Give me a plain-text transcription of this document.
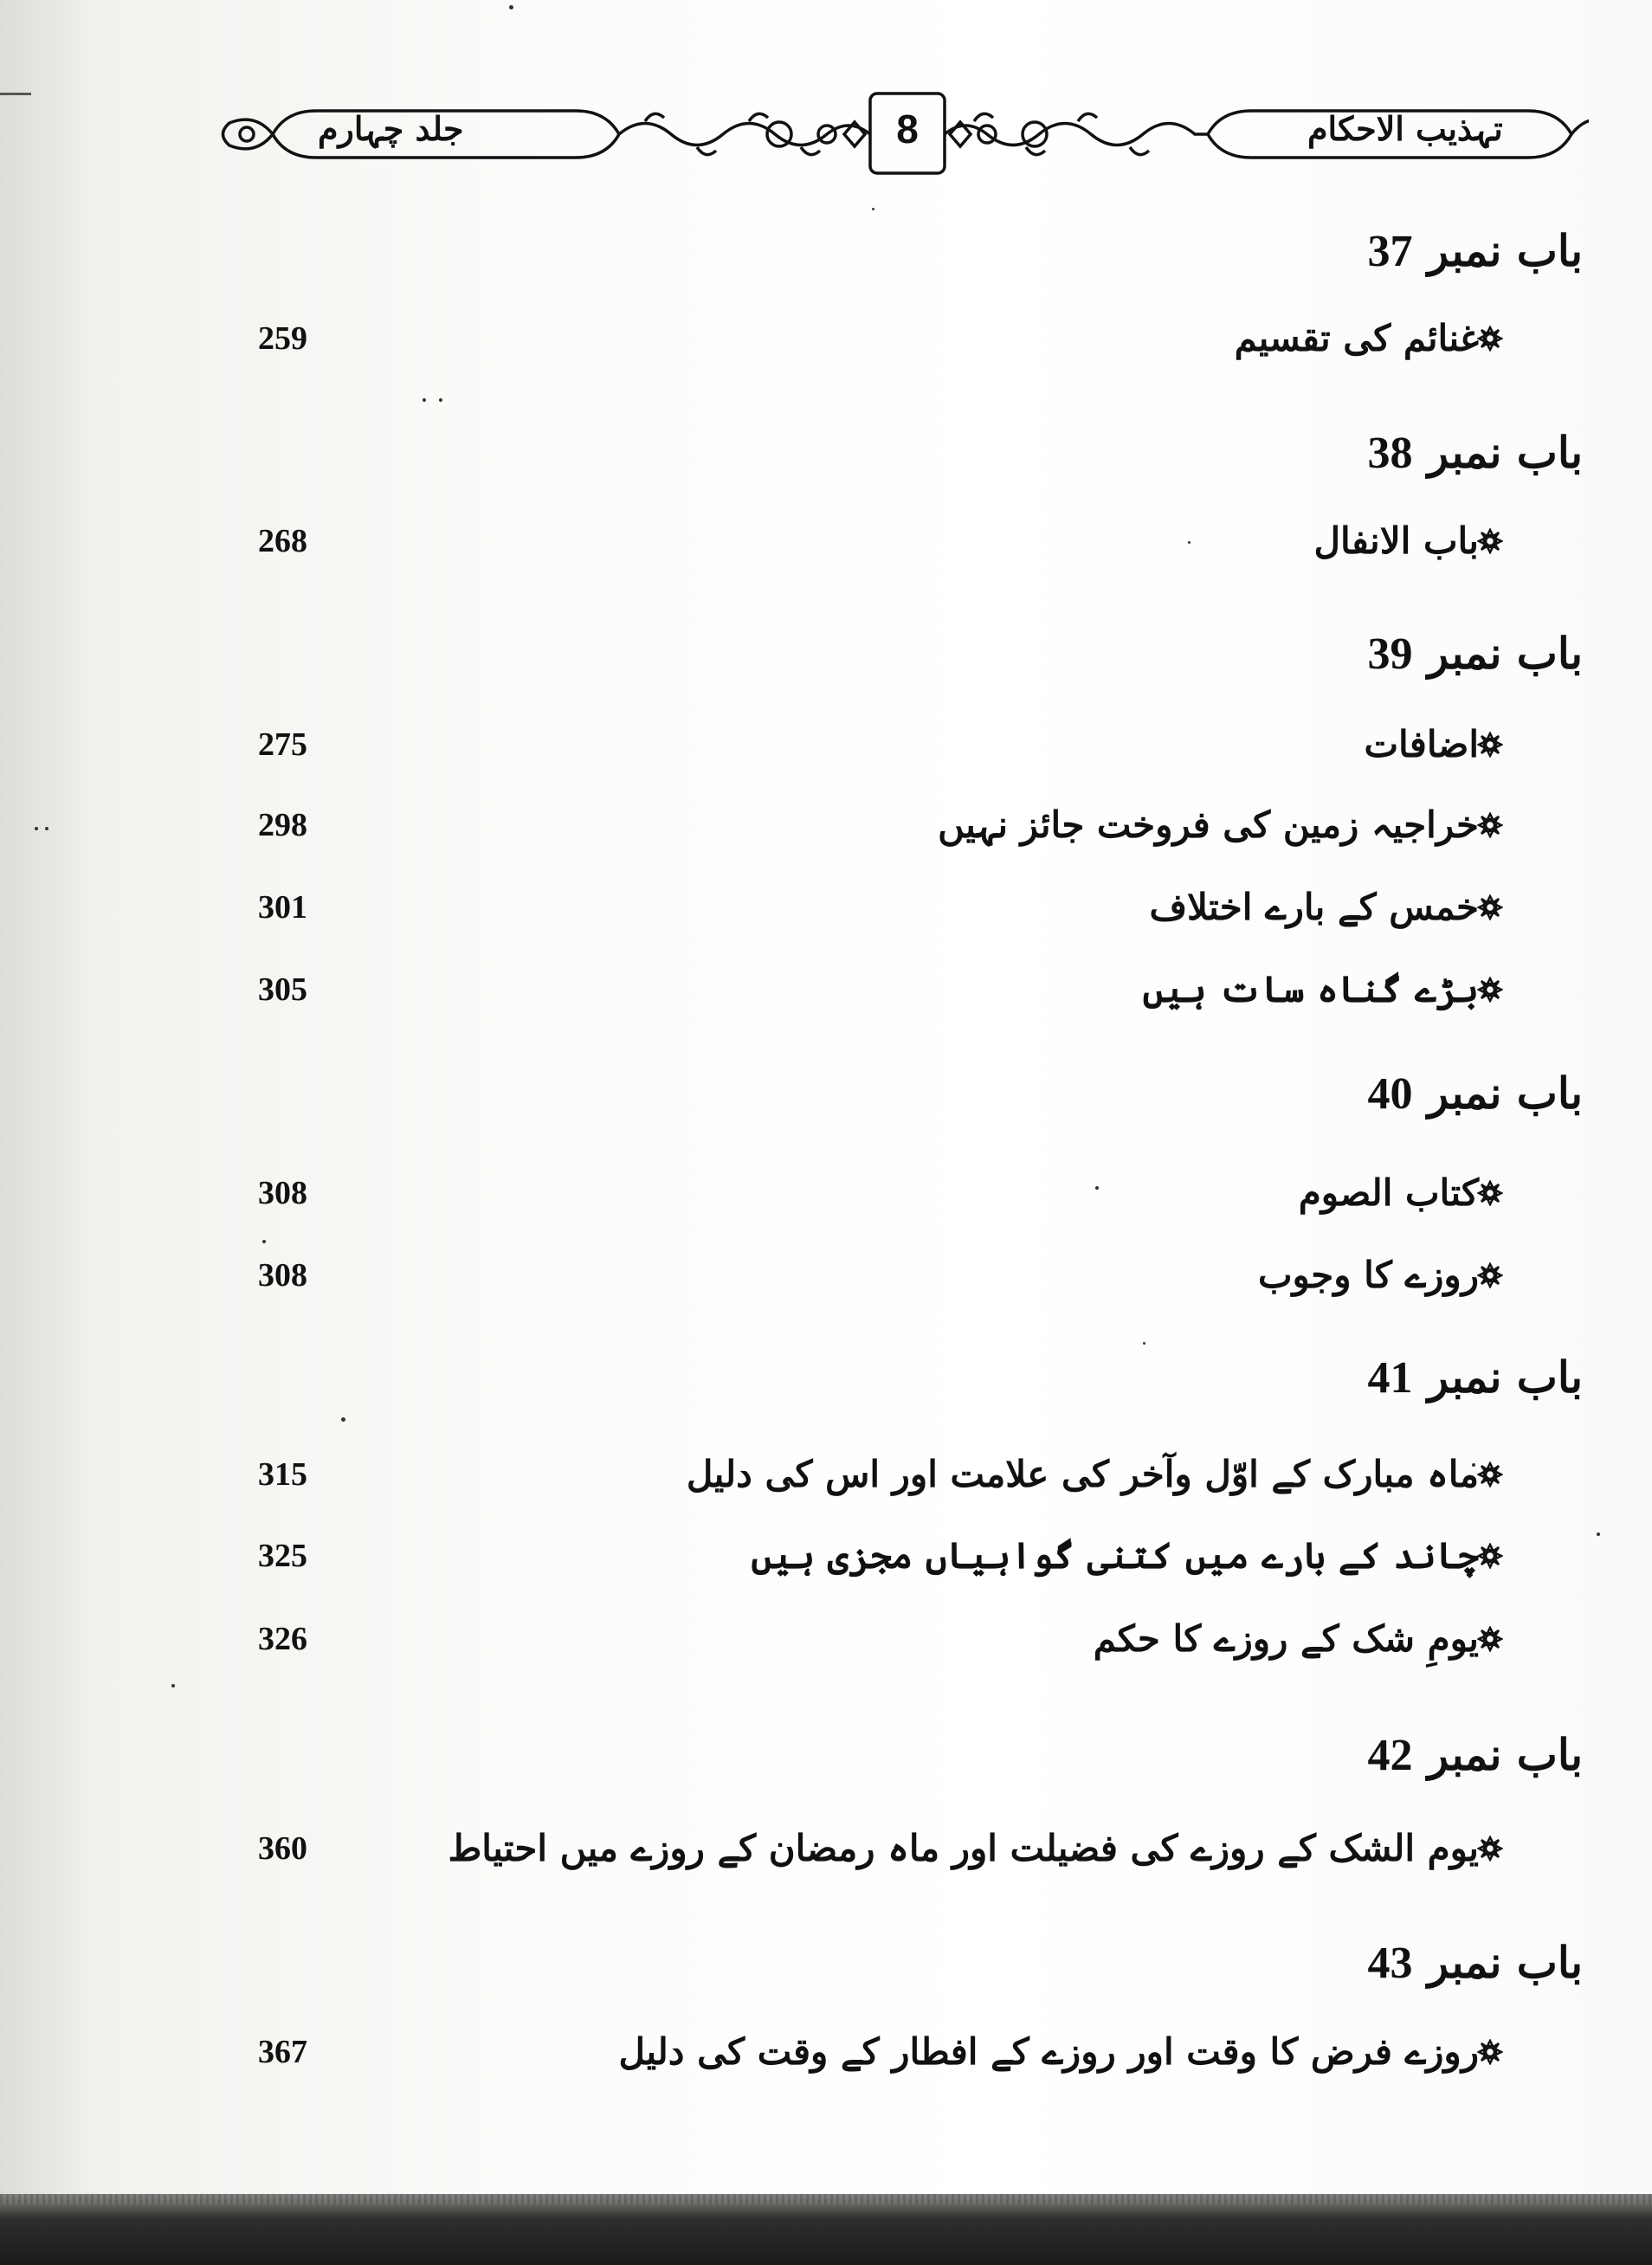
جلد چہارم	8	تہذیب الاحکام
باب نمبر 37
غنائم کی تقسیم
259
باب نمبر 38
باب الانفال
268
باب نمبر 39
اضافات
275
خراجیہ زمین کی فروخت جائز نہیں
298
خمس کے بارے اختلاف
301
بڑے گناہ سات ہیں
305
باب نمبر 40
کتاب الصوم
308
روزے کا وجوب
308
باب نمبر 41
ماہ مبارک کے اوّل وآخر کی علامت اور اس کی دلیل
315
چاند کے بارے میں کتنی گواہیاں مجزی ہیں
325
یومِ شک کے روزے کا حکم
326
باب نمبر 42
یوم الشک کے روزے کی فضیلت اور ماہ رمضان کے روزے میں احتیاط
360
باب نمبر 43
روزے فرض کا وقت اور روزے کے افطار کے وقت کی دلیل
367
